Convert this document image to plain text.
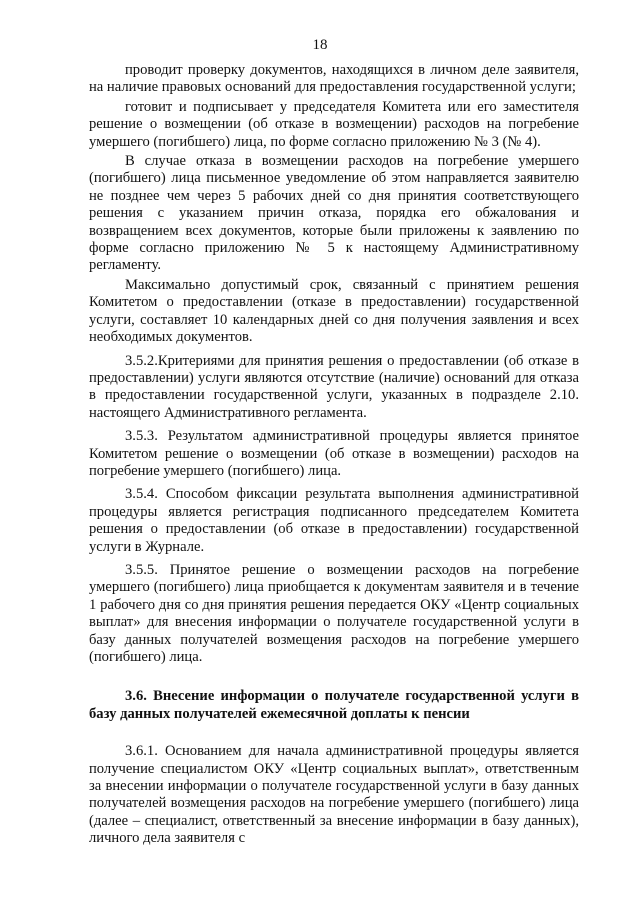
18

проводит проверку документов, находящихся в личном деле заявителя, на наличие правовых оснований для предоставления государственной услуги;

готовит и подписывает у председателя Комитета или его заместителя решение о возмещении (об отказе в возмещении) расходов на погребение умершего (погибшего) лица, по форме согласно приложению № 3 (№ 4).

В случае отказа в возмещении расходов на погребение умершего (погибшего) лица письменное уведомление об этом направляется заявителю не позднее чем через 5 рабочих дней со дня принятия соответствующего решения с указанием причин отказа, порядка его обжалования и возвращением всех документов, которые были приложены к заявлению по форме согласно приложению № 5 к настоящему Административному регламенту.

Максимально допустимый срок, связанный с принятием решения Комитетом о предоставлении (отказе в предоставлении) государственной услуги, составляет 10 календарных дней со дня получения заявления и всех необходимых документов.

3.5.2.Критериями для принятия решения о предоставлении (об отказе в предоставлении) услуги являются отсутствие (наличие) оснований для отказа в предоставлении государственной услуги, указанных в подразделе 2.10. настоящего Административного регламента.

3.5.3. Результатом административной процедуры является принятое Комитетом решение о возмещении (об отказе в возмещении) расходов на погребение умершего (погибшего) лица.

3.5.4. Способом фиксации результата выполнения административной процедуры является регистрация подписанного председателем Комитета решения о предоставлении (об отказе в предоставлении) государственной услуги в Журнале.

3.5.5. Принятое решение о возмещении расходов на погребение умершего (погибшего) лица приобщается к документам заявителя и в течение 1 рабочего дня со дня принятия решения передается ОКУ «Центр социальных выплат» для внесения информации о получателе государственной услуги в базу данных получателей возмещения расходов на погребение умершего (погибшего) лица.

3.6. Внесение информации о получателе государственной услуги в базу данных получателей ежемесячной доплаты к пенсии

3.6.1. Основанием для начала административной процедуры является получение специалистом ОКУ «Центр социальных выплат», ответственным за внесении информации о получателе государственной услуги в базу данных получателей возмещения расходов на погребение умершего (погибшего) лица (далее – специалист, ответственный за внесение информации в базу данных), личного дела заявителя с
